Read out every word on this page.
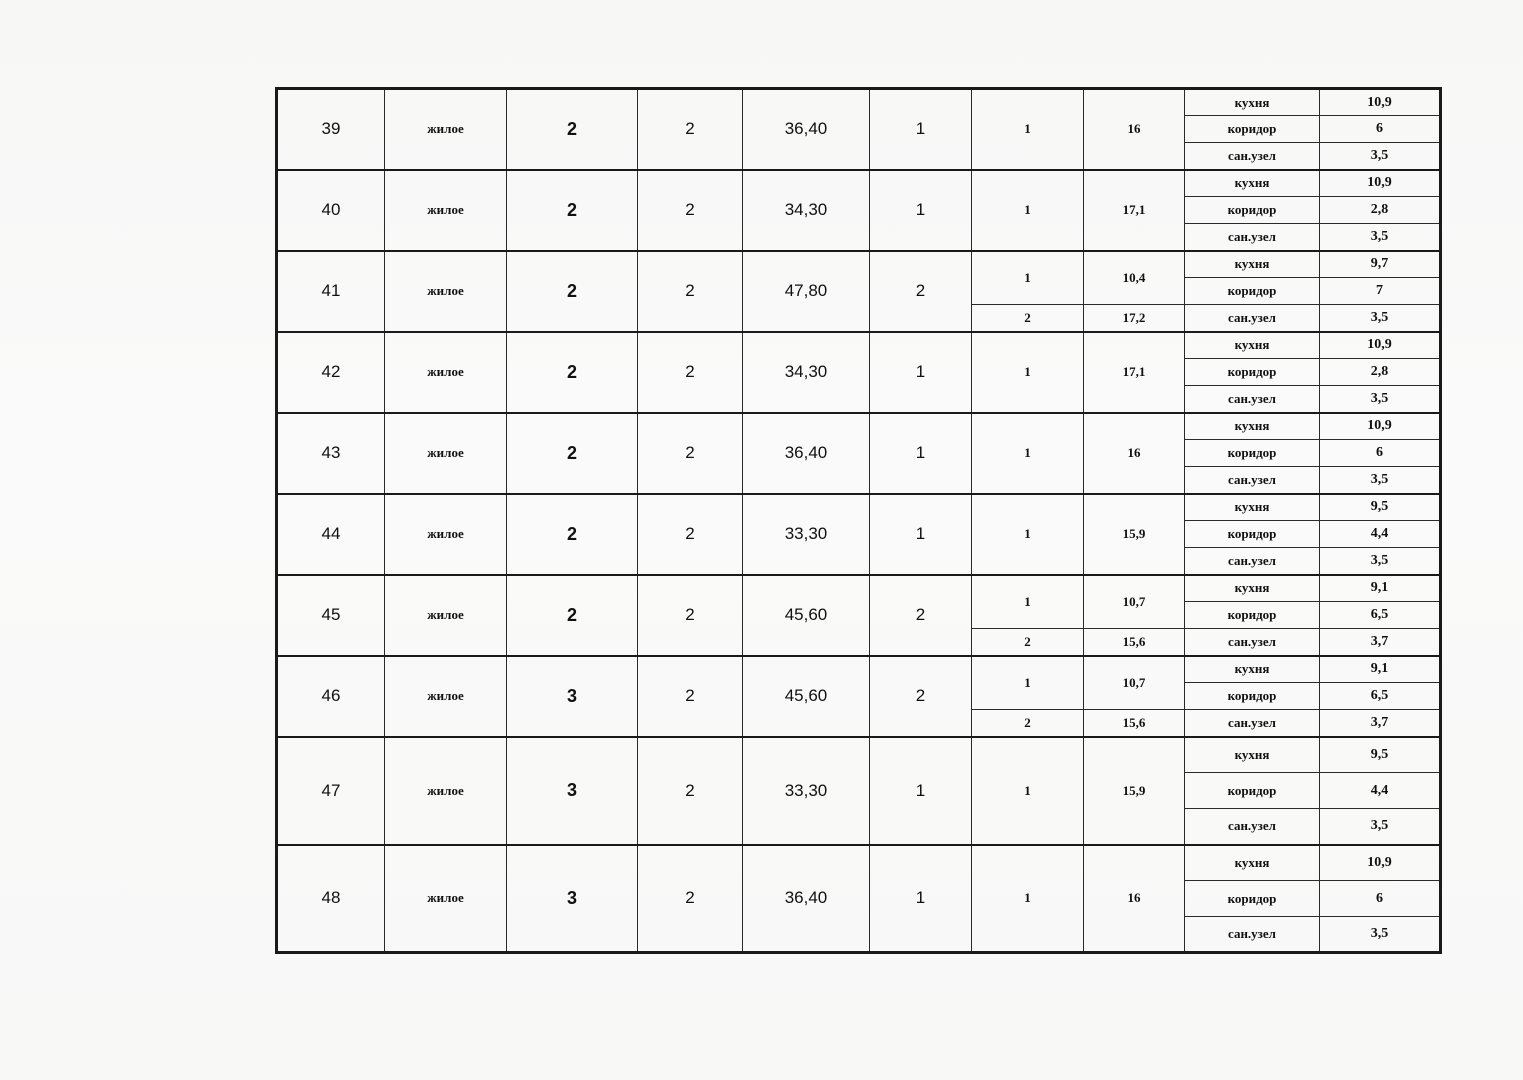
39	жилое	2	2	36,40	1	1	16	кухня	10,9
								коридор	6
								сан.узел	3,5
40	жилое	2	2	34,30	1	1	17,1	кухня	10,9
								коридор	2,8
								сан.узел	3,5
41	жилое	2	2	47,80	2	1	10,4	кухня	9,7
								коридор	7
						2	17,2	сан.узел	3,5
42	жилое	2	2	34,30	1	1	17,1	кухня	10,9
								коридор	2,8
								сан.узел	3,5
43	жилое	2	2	36,40	1	1	16	кухня	10,9
								коридор	6
								сан.узел	3,5
44	жилое	2	2	33,30	1	1	15,9	кухня	9,5
								коридор	4,4
								сан.узел	3,5
45	жилое	2	2	45,60	2	1	10,7	кухня	9,1
								коридор	6,5
						2	15,6	сан.узел	3,7
46	жилое	3	2	45,60	2	1	10,7	кухня	9,1
								коридор	6,5
						2	15,6	сан.узел	3,7
47	жилое	3	2	33,30	1	1	15,9	кухня	9,5
								коридор	4,4
								сан.узел	3,5
48	жилое	3	2	36,40	1	1	16	кухня	10,9
								коридор	6
								сан.узел	3,5
